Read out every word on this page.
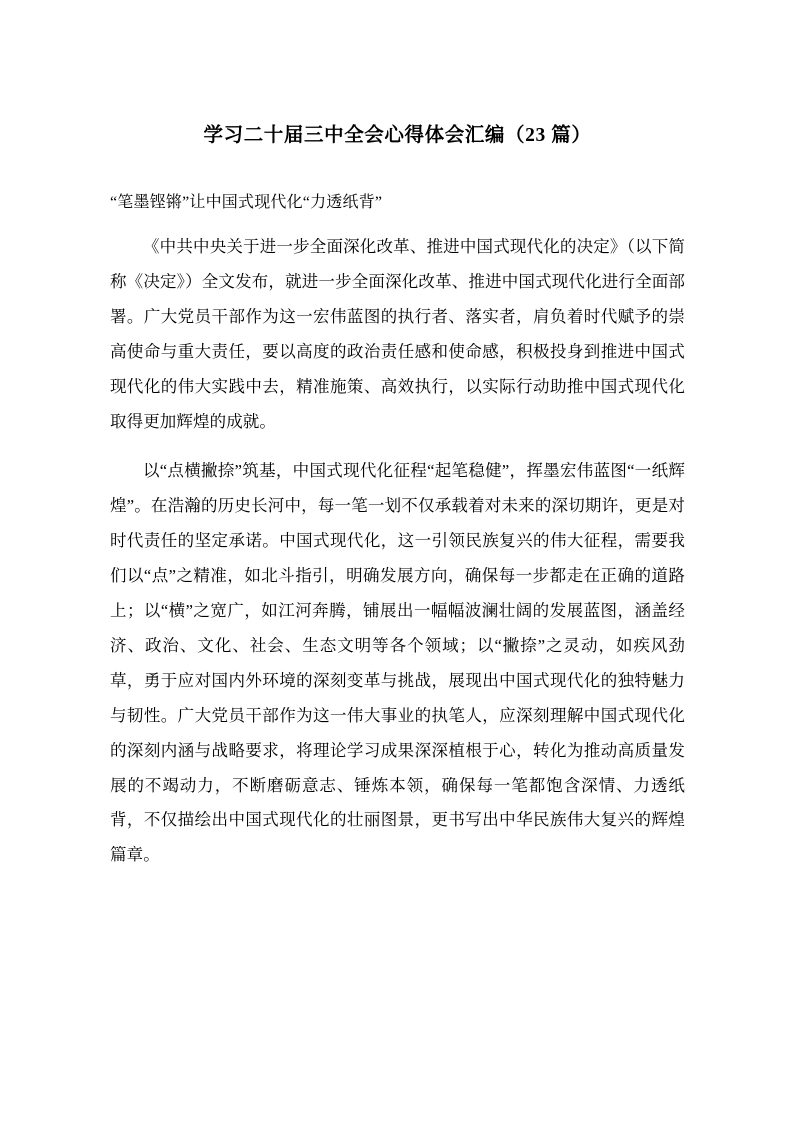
学习二十届三中全会心得体会汇编（23 篇）

“笔墨铿锵”让中国式现代化“力透纸背”

《中共中央关于进一步全面深化改革、推进中国式现代化的决定》（以下简称《决定》）全文发布，就进一步全面深化改革、推进中国式现代化进行全面部署。广大党员干部作为这一宏伟蓝图的执行者、落实者，肩负着时代赋予的崇高使命与重大责任，要以高度的政治责任感和使命感，积极投身到推进中国式现代化的伟大实践中去，精准施策、高效执行，以实际行动助推中国式现代化取得更加辉煌的成就。

以“点横撇捺”筑基，中国式现代化征程“起笔稳健”，挥墨宏伟蓝图“一纸辉煌”。在浩瀚的历史长河中，每一笔一划不仅承载着对未来的深切期许，更是对时代责任的坚定承诺。中国式现代化，这一引领民族复兴的伟大征程，需要我们以“点”之精准，如北斗指引，明确发展方向，确保每一步都走在正确的道路上；以“横”之宽广，如江河奔腾，铺展出一幅幅波澜壮阔的发展蓝图，涵盖经济、政治、文化、社会、生态文明等各个领域；以“撇捺”之灵动，如疾风劲草，勇于应对国内外环境的深刻变革与挑战，展现出中国式现代化的独特魅力与韧性。广大党员干部作为这一伟大事业的执笔人，应深刻理解中国式现代化的深刻内涵与战略要求，将理论学习成果深深植根于心，转化为推动高质量发展的不竭动力，不断磨砺意志、锤炼本领，确保每一笔都饱含深情、力透纸背，不仅描绘出中国式现代化的壮丽图景，更书写出中华民族伟大复兴的辉煌篇章。
